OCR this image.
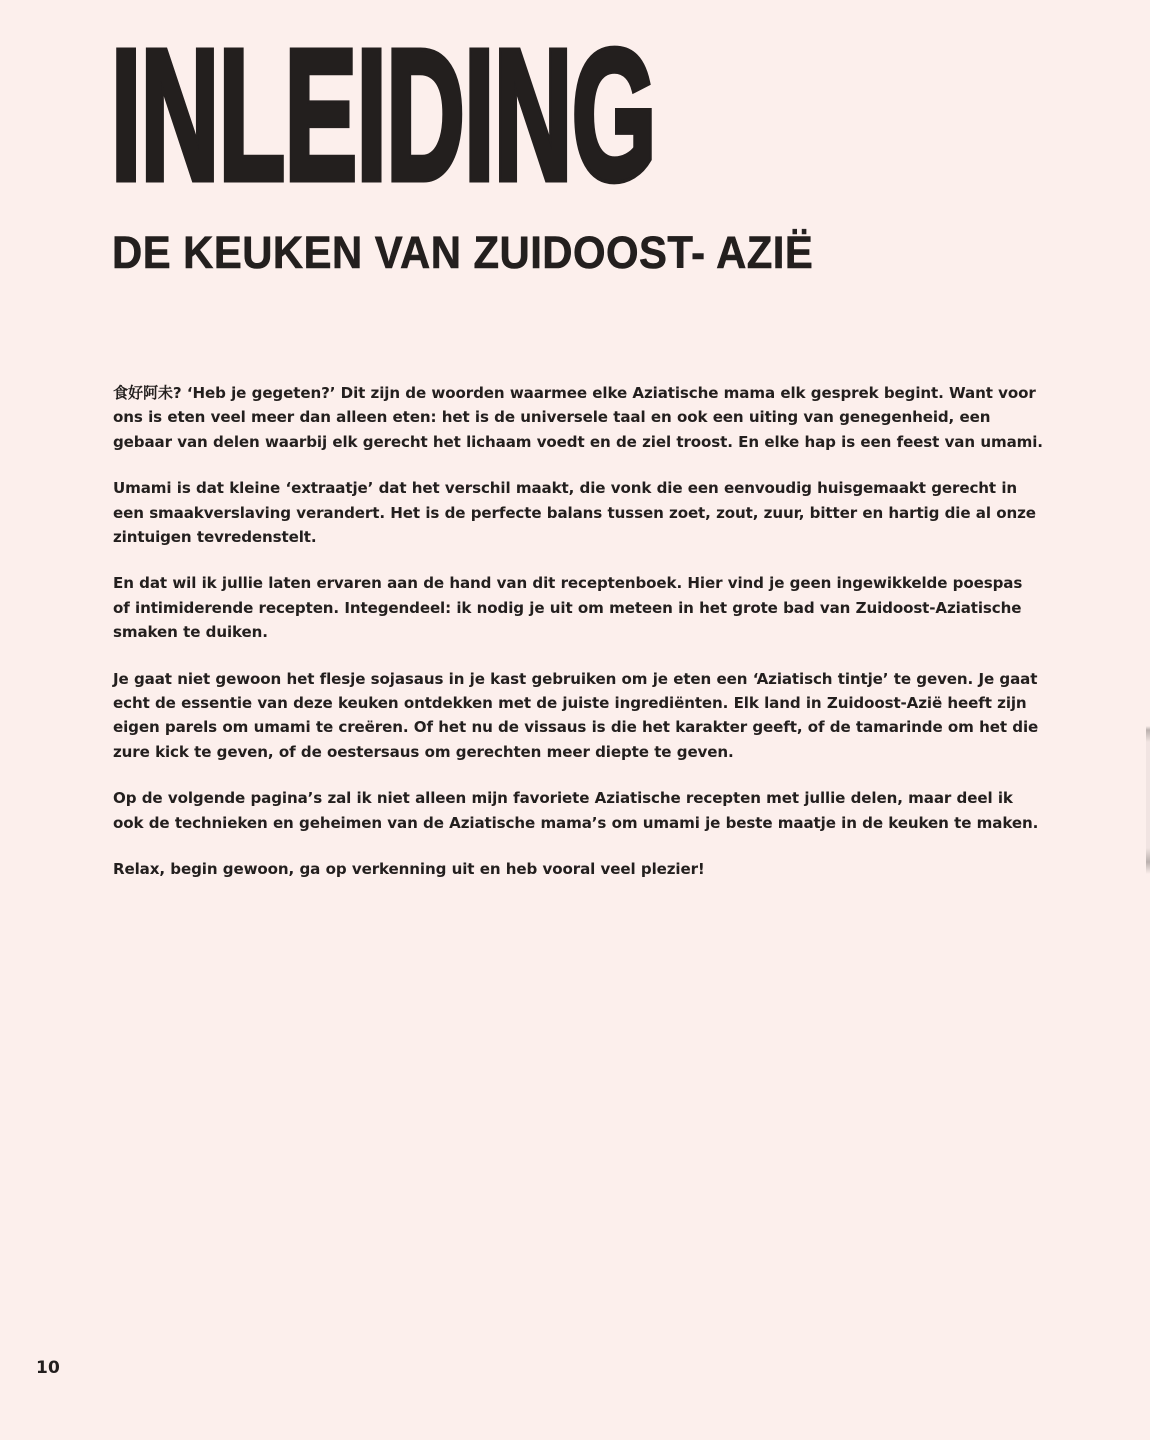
INLEIDING
DE KEUKEN VAN ZUIDOOST- AZIË

食好阿未? ‘Heb je gegeten?’ Dit zijn de woorden waarmee elke Aziatische mama elk gesprek begint. Want voor ons is eten veel meer dan alleen eten: het is de universele taal en ook een uiting van genegenheid, een gebaar van delen waarbij elk gerecht het lichaam voedt en de ziel troost. En elke hap is een feest van umami.

Umami is dat kleine ‘extraatje’ dat het verschil maakt, die vonk die een eenvoudig huisgemaakt gerecht in een smaakverslaving verandert. Het is de perfecte balans tussen zoet, zout, zuur, bitter en hartig die al onze zintuigen tevredenstelt.

En dat wil ik jullie laten ervaren aan de hand van dit receptenboek. Hier vind je geen ingewikkelde poespas of intimiderende recepten. Integendeel: ik nodig je uit om meteen in het grote bad van Zuidoost-Aziatische smaken te duiken.

Je gaat niet gewoon het flesje sojasaus in je kast gebruiken om je eten een ‘Aziatisch tintje’ te geven. Je gaat echt de essentie van deze keuken ontdekken met de juiste ingrediënten. Elk land in Zuidoost-Azië heeft zijn eigen parels om umami te creëren. Of het nu de vissaus is die het karakter geeft, of de tamarinde om het die zure kick te geven, of de oestersaus om gerechten meer diepte te geven.

Op de volgende pagina’s zal ik niet alleen mijn favoriete Aziatische recepten met jullie delen, maar deel ik ook de technieken en geheimen van de Aziatische mama’s om umami je beste maatje in de keuken te maken.

Relax, begin gewoon, ga op verkenning uit en heb vooral veel plezier!

10
